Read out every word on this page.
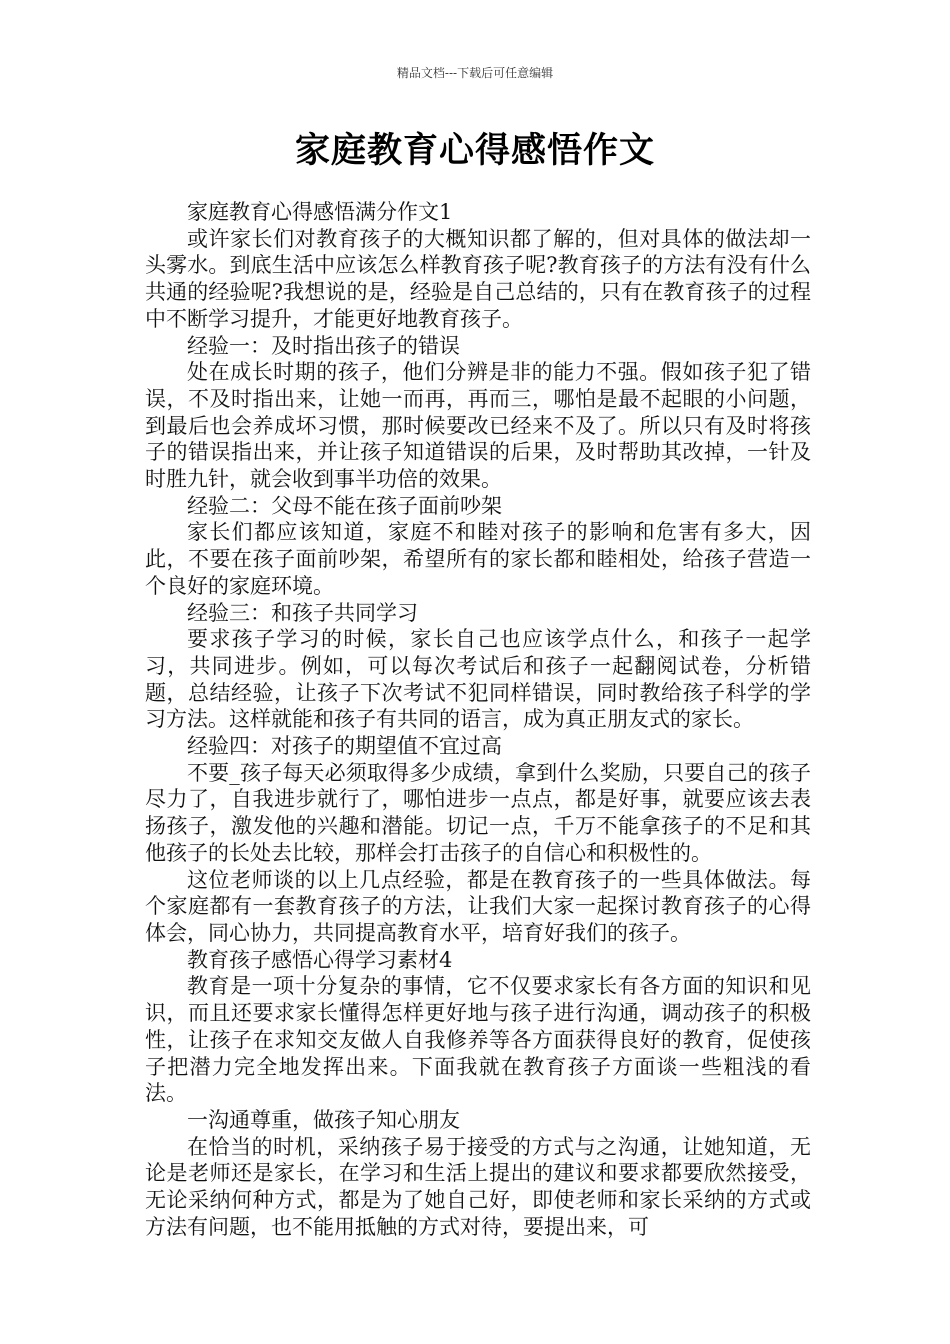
精品文档---下载后可任意编辑
家庭教育心得感悟作文

家庭教育心得感悟满分作文1

或许家长们对教育孩子的大概知识都了解的，但对具体的做法却一头雾水。到底生活中应该怎么样教育孩子呢?教育孩子的方法有没有什么共通的经验呢?我想说的是，经验是自己总结的，只有在教育孩子的过程中不断学习提升，才能更好地教育孩子。

经验一：及时指出孩子的错误

处在成长时期的孩子，他们分辨是非的能力不强。假如孩子犯了错误，不及时指出来，让她一而再，再而三，哪怕是最不起眼的小问题，到最后也会养成坏习惯，那时候要改已经来不及了。所以只有及时将孩子的错误指出来，并让孩子知道错误的后果，及时帮助其改掉，一针及时胜九针，就会收到事半功倍的效果。

经验二：父母不能在孩子面前吵架

家长们都应该知道，家庭不和睦对孩子的影响和危害有多大，因此，不要在孩子面前吵架，希望所有的家长都和睦相处，给孩子营造一个良好的家庭环境。

经验三：和孩子共同学习

要求孩子学习的时候，家长自己也应该学点什么，和孩子一起学习，共同进步。例如，可以每次考试后和孩子一起翻阅试卷，分析错题，总结经验，让孩子下次考试不犯同样错误，同时教给孩子科学的学习方法。这样就能和孩子有共同的语言，成为真正朋友式的家长。

经验四：对孩子的期望值不宜过高

不要_孩子每天必须取得多少成绩，拿到什么奖励，只要自己的孩子尽力了，自我进步就行了，哪怕进步一点点，都是好事，就要应该去表扬孩子，激发他的兴趣和潜能。切记一点，千万不能拿孩子的不足和其他孩子的长处去比较，那样会打击孩子的自信心和积极性的。

这位老师谈的以上几点经验，都是在教育孩子的一些具体做法。每个家庭都有一套教育孩子的方法，让我们大家一起探讨教育孩子的心得体会，同心协力，共同提高教育水平，培育好我们的孩子。

教育孩子感悟心得学习素材4

教育是一项十分复杂的事情，它不仅要求家长有各方面的知识和见识，而且还要求家长懂得怎样更好地与孩子进行沟通，调动孩子的积极性，让孩子在求知交友做人自我修养等各方面获得良好的教育，促使孩子把潜力完全地发挥出来。下面我就在教育孩子方面谈一些粗浅的看法。

一沟通尊重，做孩子知心朋友

在恰当的时机，采纳孩子易于接受的方式与之沟通，让她知道，无论是老师还是家长，在学习和生活上提出的建议和要求都要欣然接受，无论采纳何种方式，都是为了她自己好，即使老师和家长采纳的方式或方法有问题，也不能用抵触的方式对待，要提出来，可
